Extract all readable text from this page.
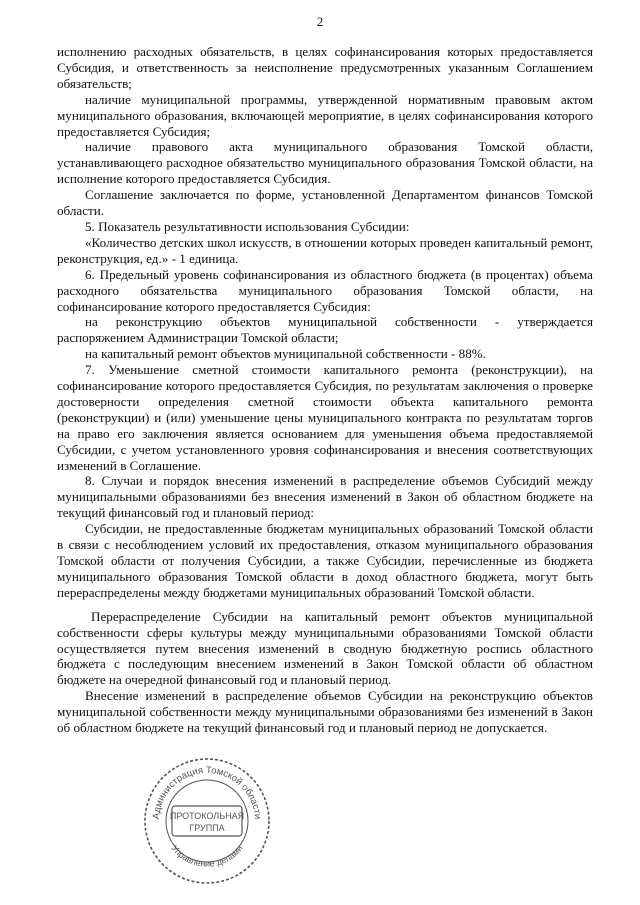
2

исполнению расходных обязательств, в целях софинансирования которых предоставляется Субсидия, и ответственность за неисполнение предусмотренных указанным Соглашением обязательств;

наличие муниципальной программы, утвержденной нормативным правовым актом муниципального образования, включающей мероприятие, в целях софинансирования которого предоставляется Субсидия;

наличие правового акта муниципального образования Томской области, устанавливающего расходное обязательство муниципального образования Томской области, на исполнение которого предоставляется Субсидия.

Соглашение заключается по форме, установленной Департаментом финансов Томской области.

5. Показатель результативности использования Субсидии:

«Количество детских школ искусств, в отношении которых проведен капитальный ремонт, реконструкция, ед.» - 1 единица.

6. Предельный уровень софинансирования из областного бюджета (в процентах) объема расходного обязательства муниципального образования Томской области, на софинансирование которого предоставляется Субсидия:

на реконструкцию объектов муниципальной собственности - утверждается распоряжением Администрации Томской области;

на капитальный ремонт объектов муниципальной собственности - 88%.

7. Уменьшение сметной стоимости капитального ремонта (реконструкции), на софинансирование которого предоставляется Субсидия, по результатам заключения о проверке достоверности определения сметной стоимости объекта капитального ремонта (реконструкции) и (или) уменьшение цены муниципального контракта по результатам торгов на право его заключения является основанием для уменьшения объема предоставляемой Субсидии, с учетом установленного уровня софинансирования и внесения соответствующих изменений в Соглашение.

8. Случаи и порядок внесения изменений в распределение объемов Субсидий между муниципальными образованиями без внесения изменений в Закон об областном бюджете на текущий финансовый год и плановый период:

Субсидии, не предоставленные бюджетам муниципальных образований Томской области в связи с несоблюдением условий их предоставления, отказом муниципального образования Томской области от получения Субсидии, а также Субсидии, перечисленные из бюджета муниципального образования Томской области в доход областного бюджета, могут быть перераспределены между бюджетами муниципальных образований Томской области.

Перераспределение Субсидии на капитальный ремонт объектов муниципальной собственности сферы культуры между муниципальными образованиями Томской области осуществляется путем внесения изменений в сводную бюджетную роспись областного бюджета с последующим внесением изменений в Закон Томской области об областном бюджете на очередной финансовый год и плановый период.

Внесение изменений в распределение объемов Субсидии на реконструкцию объектов муниципальной собственности между муниципальными образованиями без изменений в Закон об областном бюджете на текущий финансовый год и плановый период не допускается.

Администрация Томской области
Управление делами
ПРОТОКОЛЬНАЯ
ГРУППА
